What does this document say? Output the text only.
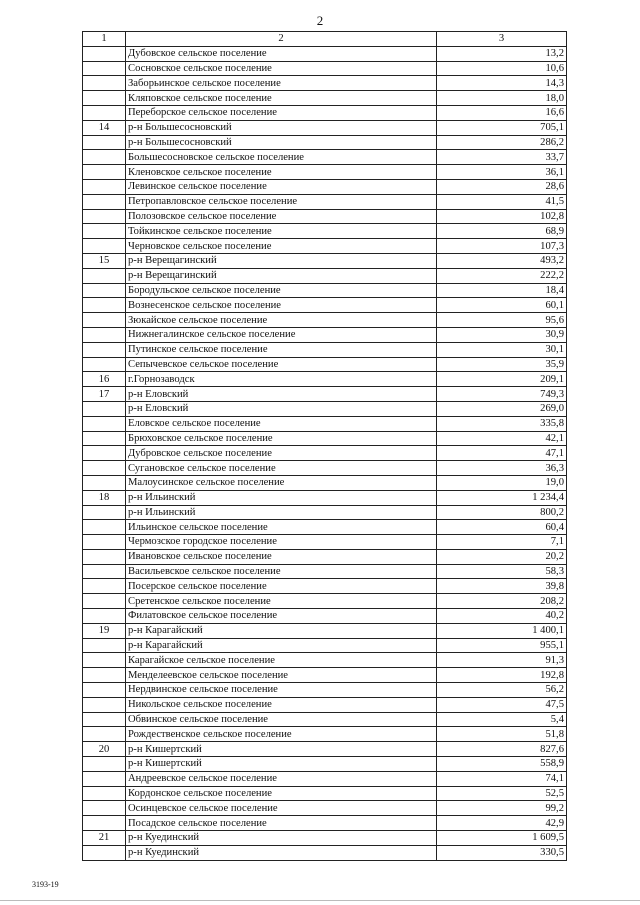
2
1	2	3
	Дубовское сельское поселение	13,2
	Сосновское сельское поселение	10,6
	Заборьинское сельское поселение	14,3
	Кляповское сельское поселение	18,0
	Переборское сельское поселение	16,6
14	р-н Большесосновский	705,1
	р-н Большесосновский	286,2
	Большесосновское сельское поселение	33,7
	Кленовское сельское поселение	36,1
	Левинское сельское поселение	28,6
	Петропавловское сельское поселение	41,5
	Полозовское сельское поселение	102,8
	Тойкинское сельское поселение	68,9
	Черновское сельское поселение	107,3
15	р-н Верещагинский	493,2
	р-н Верещагинский	222,2
	Бородульское сельское поселение	18,4
	Вознесенское сельское поселение	60,1
	Зюкайское сельское поселение	95,6
	Нижнегалинское сельское поселение	30,9
	Путинское сельское поселение	30,1
	Сепычевское сельское поселение	35,9
16	г.Горнозаводск	209,1
17	р-н Еловский	749,3
	р-н Еловский	269,0
	Еловское сельское поселение	335,8
	Брюховское сельское поселение	42,1
	Дубровское сельское поселение	47,1
	Сугановское сельское поселение	36,3
	Малоусинское сельское поселение	19,0
18	р-н Ильинский	1 234,4
	р-н Ильинский	800,2
	Ильинское сельское поселение	60,4
	Чермозское городское поселение	7,1
	Ивановское сельское поселение	20,2
	Васильевское сельское поселение	58,3
	Посерское сельское поселение	39,8
	Сретенское сельское поселение	208,2
	Филатовское сельское поселение	40,2
19	р-н Карагайский	1 400,1
	р-н Карагайский	955,1
	Карагайское сельское поселение	91,3
	Менделеевское сельское поселение	192,8
	Нердвинское сельское поселение	56,2
	Никольское сельское поселение	47,5
	Обвинское сельское поселение	5,4
	Рождественское сельское поселение	51,8
20	р-н Кишертский	827,6
	р-н Кишертский	558,9
	Андреевское сельское поселение	74,1
	Кордонское сельское поселение	52,5
	Осинцевское сельское поселение	99,2
	Посадское сельское поселение	42,9
21	р-н Куединский	1 609,5
	р-н Куединский	330,5
3193-19
